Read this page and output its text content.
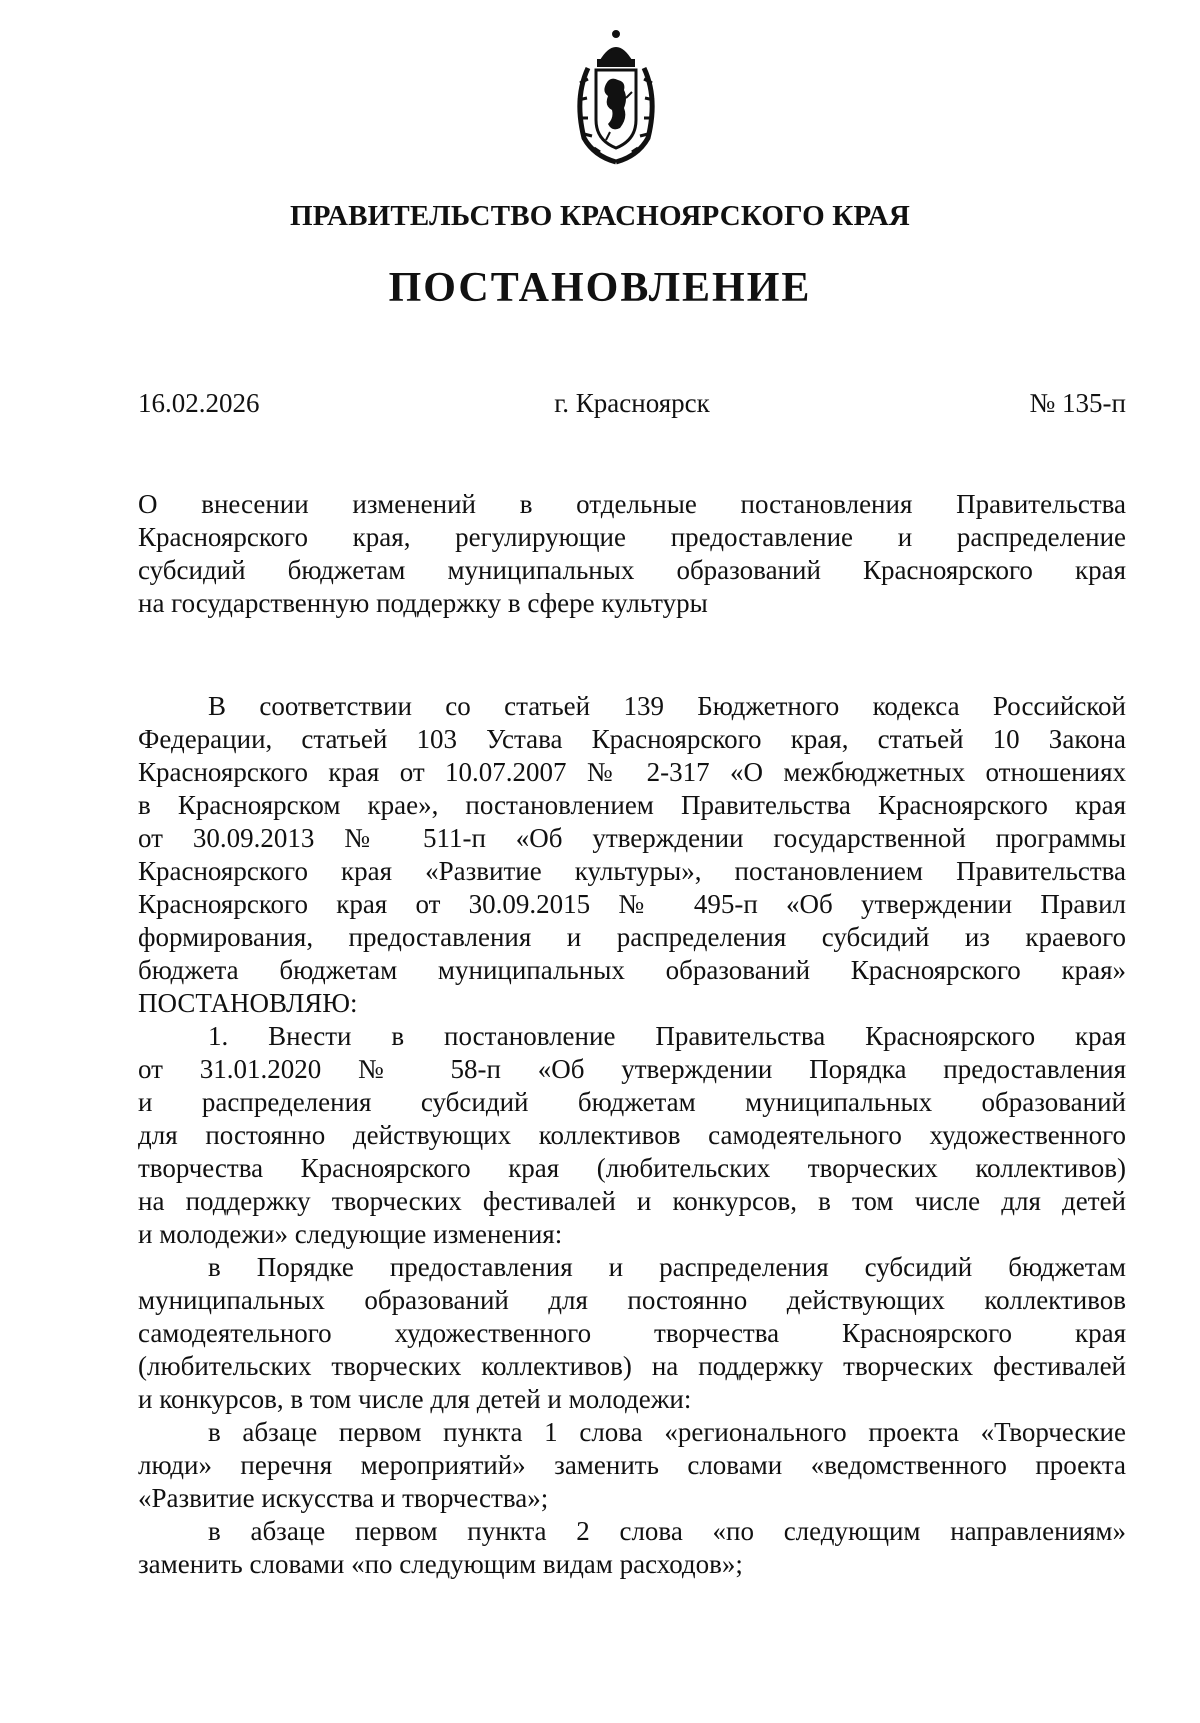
ПРАВИТЕЛЬСТВО КРАСНОЯРСКОГО КРАЯ
ПОСТАНОВЛЕНИЕ
16.02.2026	г. Красноярск	№ 135-п
О внесении изменений в отдельные постановления Правительства
Красноярского края, регулирующие предоставление и распределение
субсидий бюджетам муниципальных образований Красноярского края
на государственную поддержку в сфере культуры
В соответствии со статьей 139 Бюджетного кодекса Российской
Федерации, статьей 103 Устава Красноярского края, статьей 10 Закона
Красноярского края от 10.07.2007 № 2-317 «О межбюджетных отношениях
в Красноярском крае», постановлением Правительства Красноярского края
от 30.09.2013 № 511-п «Об утверждении государственной программы
Красноярского края «Развитие культуры», постановлением Правительства
Красноярского края от 30.09.2015 № 495-п «Об утверждении Правил
формирования, предоставления и распределения субсидий из краевого
бюджета бюджетам муниципальных образований Красноярского края»
ПОСТАНОВЛЯЮ:
1. Внести в постановление Правительства Красноярского края
от 31.01.2020 № 58-п «Об утверждении Порядка предоставления
и распределения субсидий бюджетам муниципальных образований
для постоянно действующих коллективов самодеятельного художественного
творчества Красноярского края (любительских творческих коллективов)
на поддержку творческих фестивалей и конкурсов, в том числе для детей
и молодежи» следующие изменения:
в Порядке предоставления и распределения субсидий бюджетам
муниципальных образований для постоянно действующих коллективов
самодеятельного художественного творчества Красноярского края
(любительских творческих коллективов) на поддержку творческих фестивалей
и конкурсов, в том числе для детей и молодежи:
в абзаце первом пункта 1 слова «регионального проекта «Творческие
люди» перечня мероприятий» заменить словами «ведомственного проекта
«Развитие искусства и творчества»;
в абзаце первом пункта 2 слова «по следующим направлениям»
заменить словами «по следующим видам расходов»;
